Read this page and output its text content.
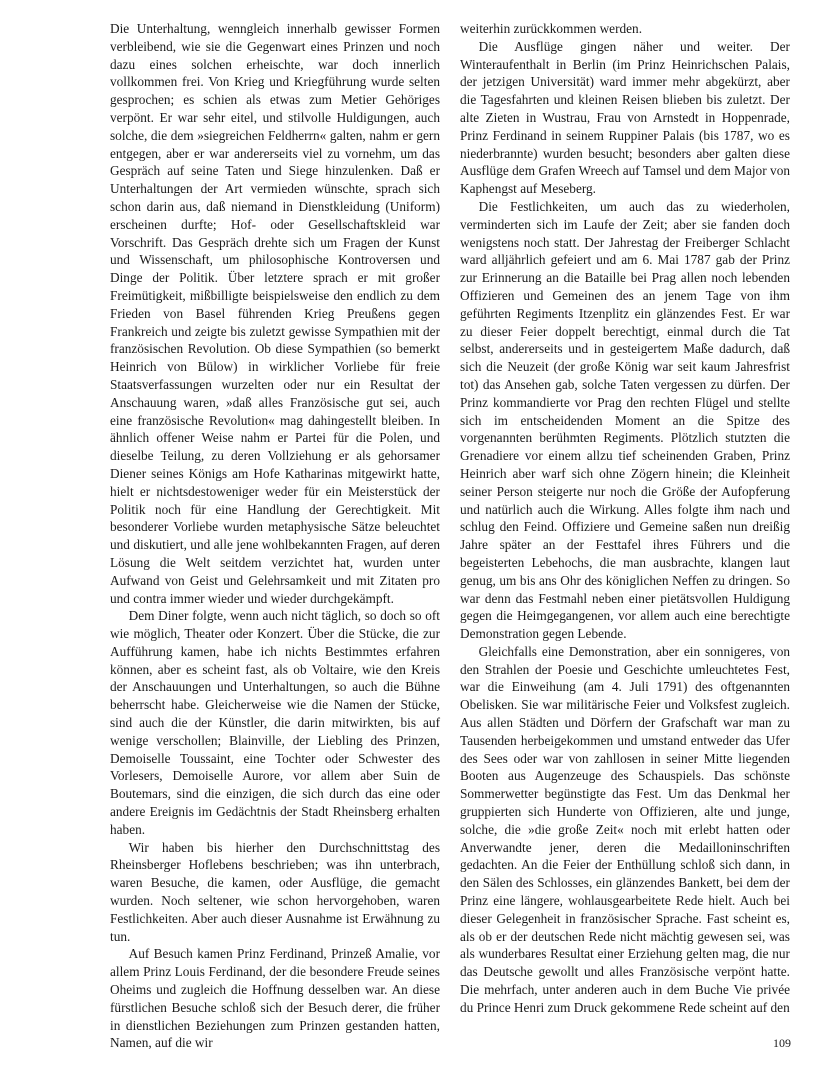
Die Unterhaltung, wenngleich innerhalb gewisser Formen verbleibend, wie sie die Gegenwart eines Prinzen und noch dazu eines solchen erheischte, war doch innerlich vollkommen frei. Von Krieg und Kriegführung wurde selten gesprochen; es schien als etwas zum Metier Gehöriges verpönt. Er war sehr eitel, und stilvolle Huldigungen, auch solche, die dem »siegreichen Feldherrn« galten, nahm er gern entgegen, aber er war andererseits viel zu vornehm, um das Gespräch auf seine Taten und Siege hinzulenken. Daß er Unterhaltungen der Art vermieden wünschte, sprach sich schon darin aus, daß niemand in Dienstkleidung (Uniform) erscheinen durfte; Hof- oder Gesellschaftskleid war Vorschrift. Das Gespräch drehte sich um Fragen der Kunst und Wissenschaft, um philosophische Kontroversen und Dinge der Politik. Über letztere sprach er mit großer Freimütigkeit, mißbilligte beispielsweise den endlich zu dem Frieden von Basel führenden Krieg Preußens gegen Frankreich und zeigte bis zuletzt gewisse Sympathien mit der französischen Revolution. Ob diese Sympathien (so bemerkt Heinrich von Bülow) in wirklicher Vorliebe für freie Staatsverfassungen wurzelten oder nur ein Resultat der Anschauung waren, »daß alles Französische gut sei, auch eine französische Revolution« mag dahingestellt bleiben. In ähnlich offener Weise nahm er Partei für die Polen, und dieselbe Teilung, zu deren Vollziehung er als gehorsamer Diener seines Königs am Hofe Katharinas mitgewirkt hatte, hielt er nichtsdestoweniger weder für ein Meisterstück der Politik noch für eine Handlung der Gerechtigkeit. Mit besonderer Vorliebe wurden metaphysische Sätze beleuchtet und diskutiert, und alle jene wohlbekannten Fragen, auf deren Lösung die Welt seitdem verzichtet hat, wurden unter Aufwand von Geist und Gelehrsamkeit und mit Zitaten pro und contra immer wieder und wieder durchgekämpft.

Dem Diner folgte, wenn auch nicht täglich, so doch so oft wie möglich, Theater oder Konzert. Über die Stücke, die zur Aufführung kamen, habe ich nichts Bestimmtes erfahren können, aber es scheint fast, als ob Voltaire, wie den Kreis der Anschauungen und Unterhaltungen, so auch die Bühne beherrscht habe. Gleicherweise wie die Namen der Stücke, sind auch die der Künstler, die darin mitwirkten, bis auf wenige verschollen; Blainville, der Liebling des Prinzen, Demoiselle Toussaint, eine Tochter oder Schwester des Vorlesers, Demoiselle Aurore, vor allem aber Suin de Boutemars, sind die einzigen, die sich durch das eine oder andere Ereignis im Gedächtnis der Stadt Rheinsberg erhalten haben.

Wir haben bis hierher den Durchschnittstag des Rheinsberger Hoflebens beschrieben; was ihn unterbrach, waren Besuche, die kamen, oder Ausflüge, die gemacht wurden. Noch seltener, wie schon hervorgehoben, waren Festlichkeiten. Aber auch dieser Ausnahme ist Erwähnung zu tun.

Auf Besuch kamen Prinz Ferdinand, Prinzeß Amalie, vor allem Prinz Louis Ferdinand, der die besondere Freude seines Oheims und zugleich die Hoffnung desselben war. An diese fürstlichen Besuche schloß sich der Besuch derer, die früher in dienstlichen Beziehungen zum Prinzen gestanden hatten, Namen, auf die wir

weiterhin zurückkommen werden.

Die Ausflüge gingen näher und weiter. Der Winteraufenthalt in Berlin (im Prinz Heinrichschen Palais, der jetzigen Universität) ward immer mehr abgekürzt, aber die Tagesfahrten und kleinen Reisen blieben bis zuletzt. Der alte Zieten in Wustrau, Frau von Arnstedt in Hoppenrade, Prinz Ferdinand in seinem Ruppiner Palais (bis 1787, wo es niederbrannte) wurden besucht; besonders aber galten diese Ausflüge dem Grafen Wreech auf Tamsel und dem Major von Kaphengst auf Meseberg.

Die Festlichkeiten, um auch das zu wiederholen, verminderten sich im Laufe der Zeit; aber sie fanden doch wenigstens noch statt. Der Jahrestag der Freiberger Schlacht ward alljährlich gefeiert und am 6. Mai 1787 gab der Prinz zur Erinnerung an die Bataille bei Prag allen noch lebenden Offizieren und Gemeinen des an jenem Tage von ihm geführten Regiments Itzenplitz ein glänzendes Fest. Er war zu dieser Feier doppelt berechtigt, einmal durch die Tat selbst, andererseits und in gesteigertem Maße dadurch, daß sich die Neuzeit (der große König war seit kaum Jahresfrist tot) das Ansehen gab, solche Taten vergessen zu dürfen. Der Prinz kommandierte vor Prag den rechten Flügel und stellte sich im entscheidenden Moment an die Spitze des vorgenannten berühmten Regiments. Plötzlich stutzten die Grenadiere vor einem allzu tief scheinenden Graben, Prinz Heinrich aber warf sich ohne Zögern hinein; die Kleinheit seiner Person steigerte nur noch die Größe der Aufopferung und natürlich auch die Wirkung. Alles folgte ihm nach und schlug den Feind. Offiziere und Gemeine saßen nun dreißig Jahre später an der Festtafel ihres Führers und die begeisterten Lebehochs, die man ausbrachte, klangen laut genug, um bis ans Ohr des königlichen Neffen zu dringen. So war denn das Festmahl neben einer pietätsvollen Huldigung gegen die Heimgegangenen, vor allem auch eine berechtigte Demonstration gegen Lebende.

Gleichfalls eine Demonstration, aber ein sonnigeres, von den Strahlen der Poesie und Geschichte umleuchtetes Fest, war die Einweihung (am 4. Juli 1791) des oftgenannten Obelisken. Sie war militärische Feier und Volksfest zugleich. Aus allen Städten und Dörfern der Grafschaft war man zu Tausenden herbeigekommen und umstand entweder das Ufer des Sees oder war von zahllosen in seiner Mitte liegenden Booten aus Augenzeuge des Schauspiels. Das schönste Sommerwetter begünstigte das Fest. Um das Denkmal her gruppierten sich Hunderte von Offizieren, alte und junge, solche, die »die große Zeit« noch mit erlebt hatten oder Anverwandte jener, deren die Medailloninschriften gedachten. An die Feier der Enthüllung schloß sich dann, in den Sälen des Schlosses, ein glänzendes Bankett, bei dem der Prinz eine längere, wohlausgearbeitete Rede hielt. Auch bei dieser Gelegenheit in französischer Sprache. Fast scheint es, als ob er der deutschen Rede nicht mächtig gewesen sei, was als wunderbares Resultat einer Erziehung gelten mag, die nur das Deutsche gewollt und alles Französische verpönt hatte. Die mehrfach, unter anderen auch in dem Buche Vie privée du Prince Henri zum Druck gekommene Rede scheint auf den

109
